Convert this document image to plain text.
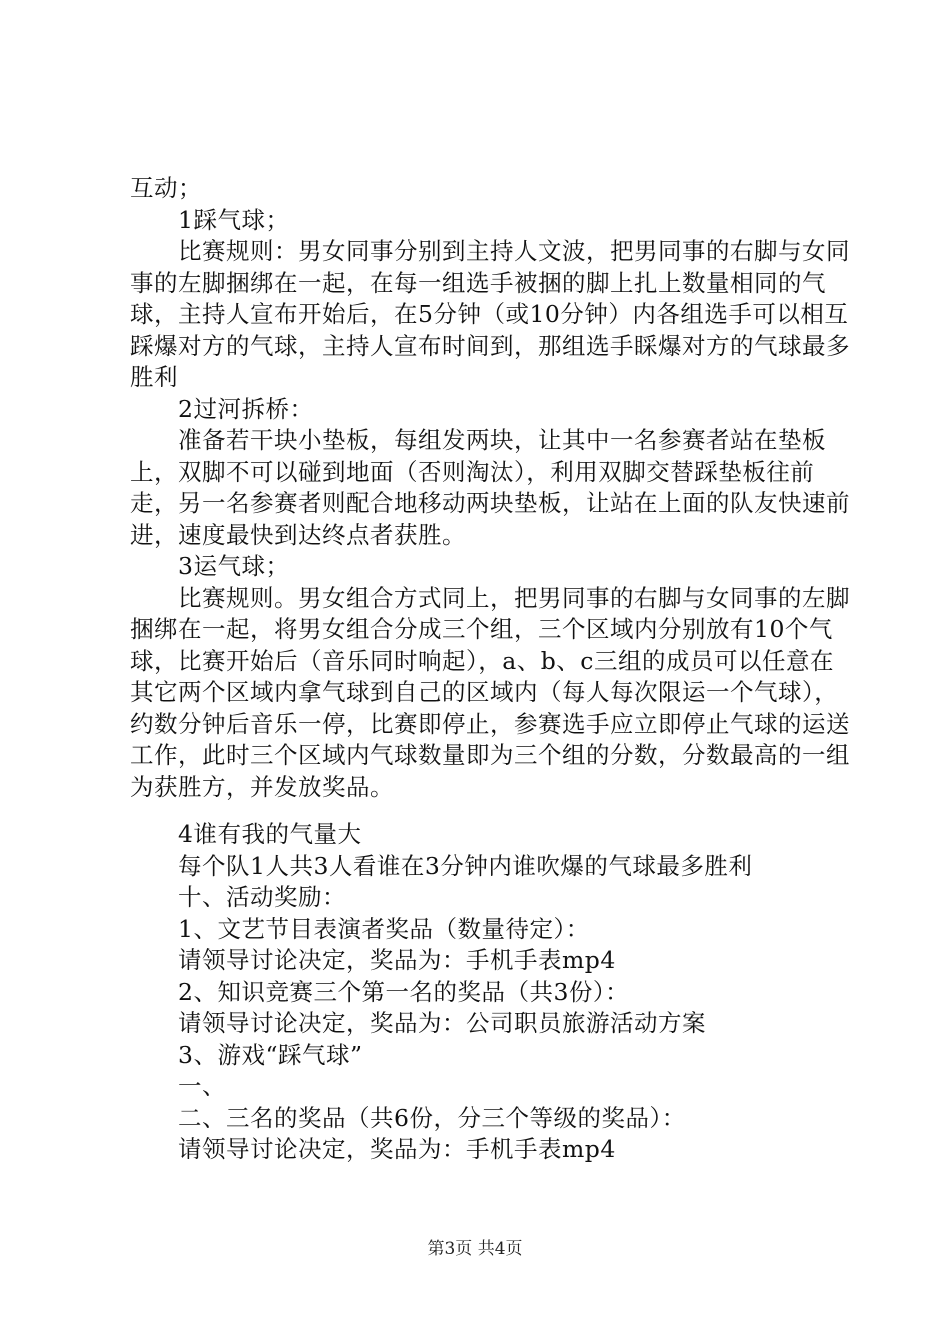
互动；

1踩气球；

比赛规则：男女同事分别到主持人文波，把男同事的右脚与女同事的左脚捆绑在一起，在每一组选手被捆的脚上扎上数量相同的气球，主持人宣布开始后，在5分钟（或10分钟）内各组选手可以相互踩爆对方的气球，主持人宣布时间到，那组选手睬爆对方的气球最多胜利

2过河拆桥：

准备若干块小垫板，每组发两块，让其中一名参赛者站在垫板上，双脚不可以碰到地面（否则淘汰），利用双脚交替踩垫板往前走，另一名参赛者则配合地移动两块垫板，让站在上面的队友快速前进，速度最快到达终点者获胜。

3运气球；

比赛规则。男女组合方式同上，把男同事的右脚与女同事的左脚捆绑在一起，将男女组合分成三个组，三个区域内分别放有10个气球，比赛开始后（音乐同时响起），a、b、c三组的成员可以任意在其它两个区域内拿气球到自己的区域内（每人每次限运一个气球），约数分钟后音乐一停，比赛即停止，参赛选手应立即停止气球的运送工作，此时三个区域内气球数量即为三个组的分数，分数最高的一组为获胜方，并发放奖品。

4谁有我的气量大

每个队1人共3人看谁在3分钟内谁吹爆的气球最多胜利

十、活动奖励：

1、文艺节目表演者奖品（数量待定）：

请领导讨论决定，奖品为：手机手表mp4

2、知识竞赛三个第一名的奖品（共3份）：

请领导讨论决定，奖品为：公司职员旅游活动方案

3、游戏“踩气球”

一、

二、三名的奖品（共6份，分三个等级的奖品）：

请领导讨论决定，奖品为：手机手表mp4

第3页 共4页
